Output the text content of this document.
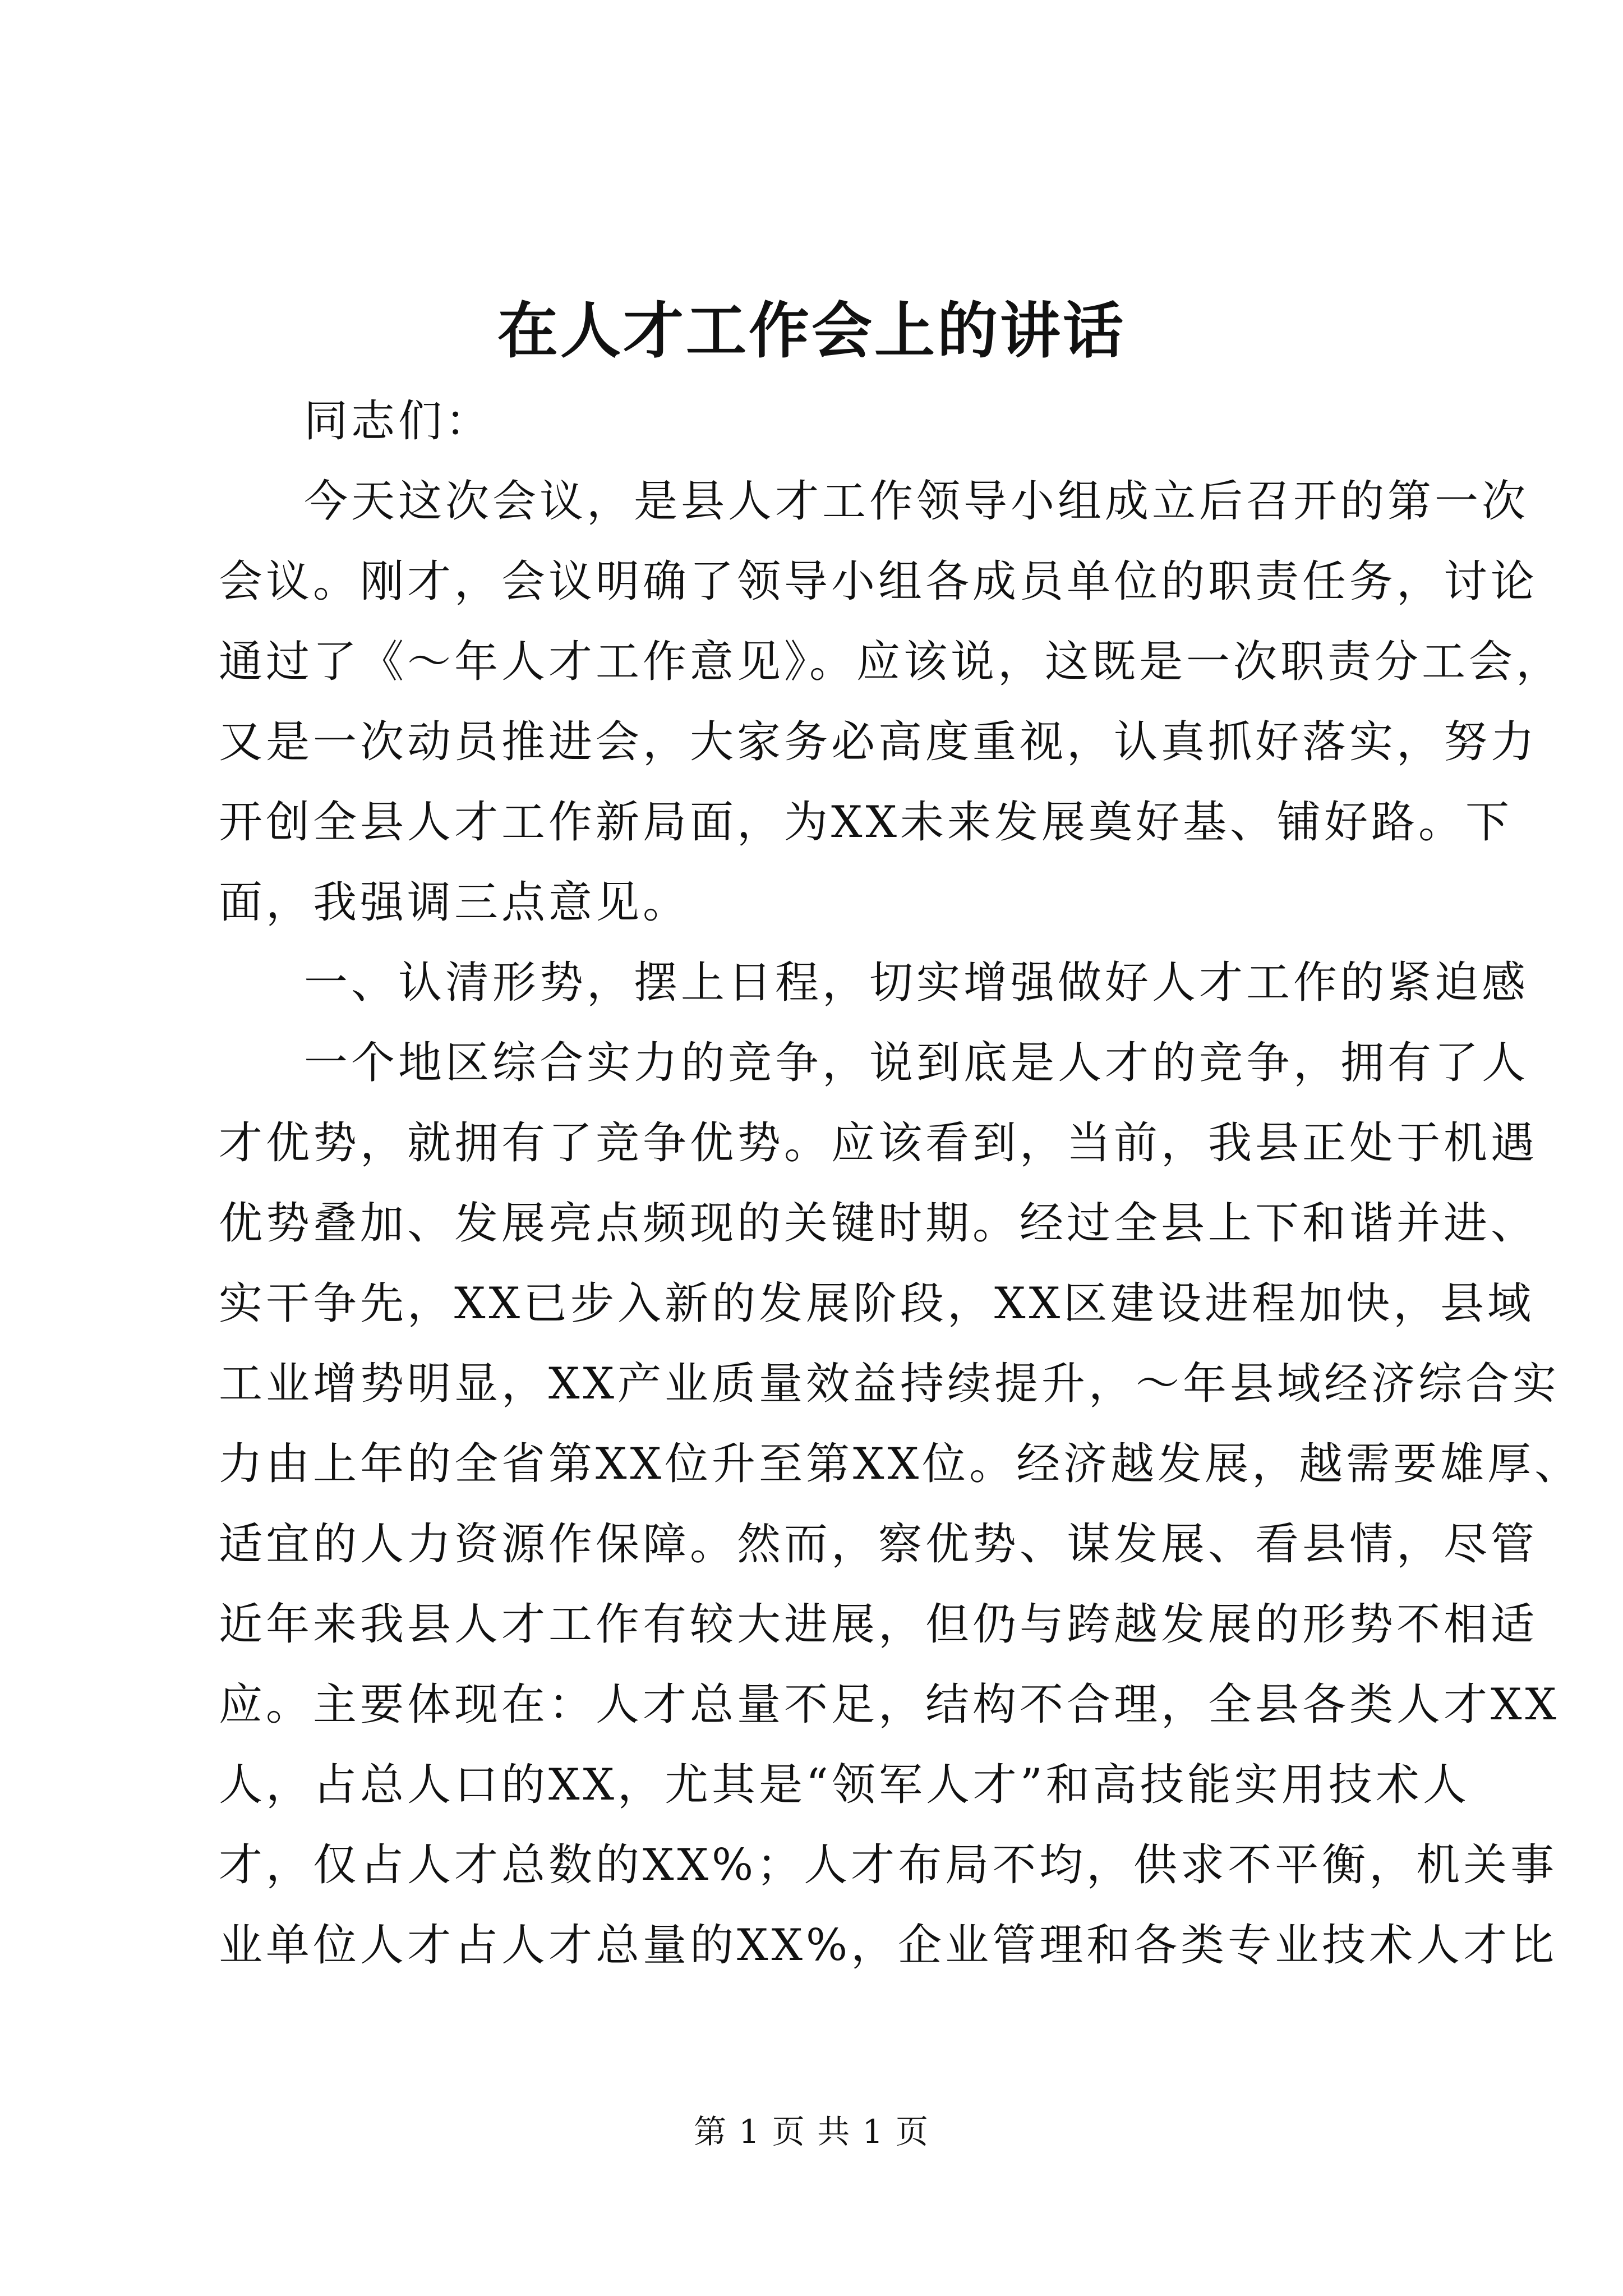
在人才工作会上的讲话
同志们：
今天这次会议，是县人才工作领导小组成立后召开的第一次
会议。刚才，会议明确了领导小组各成员单位的职责任务，讨论
通过了《～年人才工作意见》。应该说，这既是一次职责分工会，
又是一次动员推进会，大家务必高度重视，认真抓好落实，努力
开创全县人才工作新局面，为XX未来发展奠好基、铺好路。下
面，我强调三点意见。
一、认清形势，摆上日程，切实增强做好人才工作的紧迫感
一个地区综合实力的竞争，说到底是人才的竞争，拥有了人
才优势，就拥有了竞争优势。应该看到，当前，我县正处于机遇
优势叠加、发展亮点频现的关键时期。经过全县上下和谐并进、
实干争先，XX已步入新的发展阶段，XX区建设进程加快，县域
工业增势明显，XX产业质量效益持续提升，～年县域经济综合实
力由上年的全省第XX位升至第XX位。经济越发展，越需要雄厚、
适宜的人力资源作保障。然而，察优势、谋发展、看县情，尽管
近年来我县人才工作有较大进展，但仍与跨越发展的形势不相适
应。主要体现在：人才总量不足，结构不合理，全县各类人才XX
人，占总人口的XX，尤其是“领军人才”和高技能实用技术人
才，仅占人才总数的XX%；人才布局不均，供求不平衡，机关事
业单位人才占人才总量的XX%，企业管理和各类专业技术人才比
第 1 页 共 1 页
